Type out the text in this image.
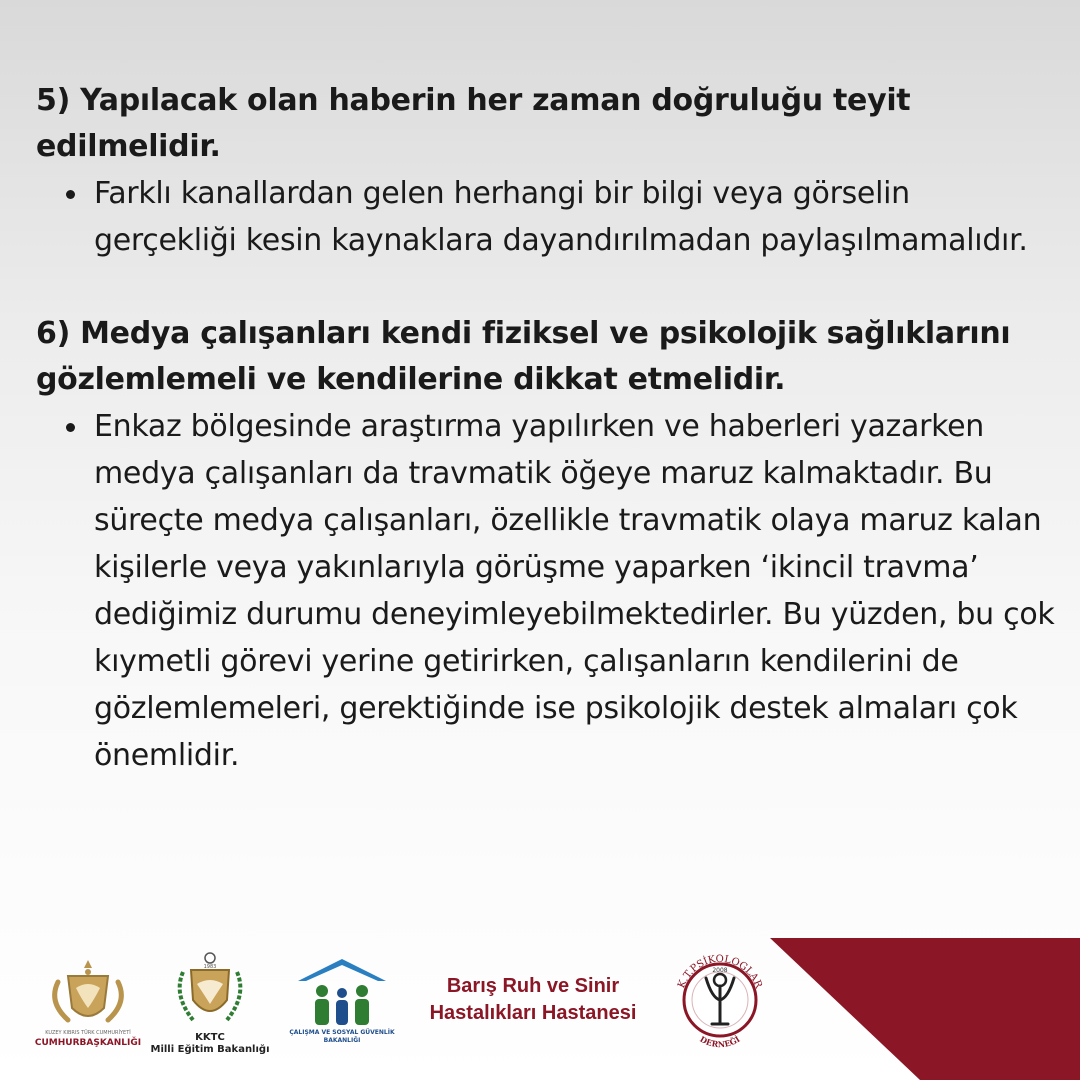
5) Yapılacak olan haberin her zaman doğruluğu teyit edilmelidir.

Farklı kanallardan gelen herhangi bir bilgi veya görselin gerçekliği kesin kaynaklara dayandırılmadan paylaşılmamalıdır.

6) Medya çalışanları kendi fiziksel ve psikolojik sağlıklarını gözlemlemeli ve kendilerine dikkat etmelidir.

Enkaz bölgesinde araştırma yapılırken ve haberleri yazarken medya çalışanları da travmatik öğeye maruz kalmaktadır. Bu süreçte medya çalışanları, özellikle travmatik olaya maruz kalan kişilerle veya yakınlarıyla görüşme yaparken ‘ikincil travma’ dediğimiz durumu deneyimleyebilmektedirler. Bu yüzden, bu çok kıymetli görevi yerine getirirken, çalışanların kendilerini de gözlemlemeleri, gerektiğinde ise psikolojik destek almaları çok önemlidir.
KUZEY KIBRIS TÜRK CUMHURİYETİ
CUMHURBAŞKANLIĞI
1983
KKTC
Milli Eğitim Bakanlığı
ÇALIŞMA VE SOSYAL GÜVENLİK
BAKANLIĞI
Barış Ruh ve Sinir
Hastalıkları Hastanesi
K.T.PSİKOLOGLAR
2008
DERNEĞİ
